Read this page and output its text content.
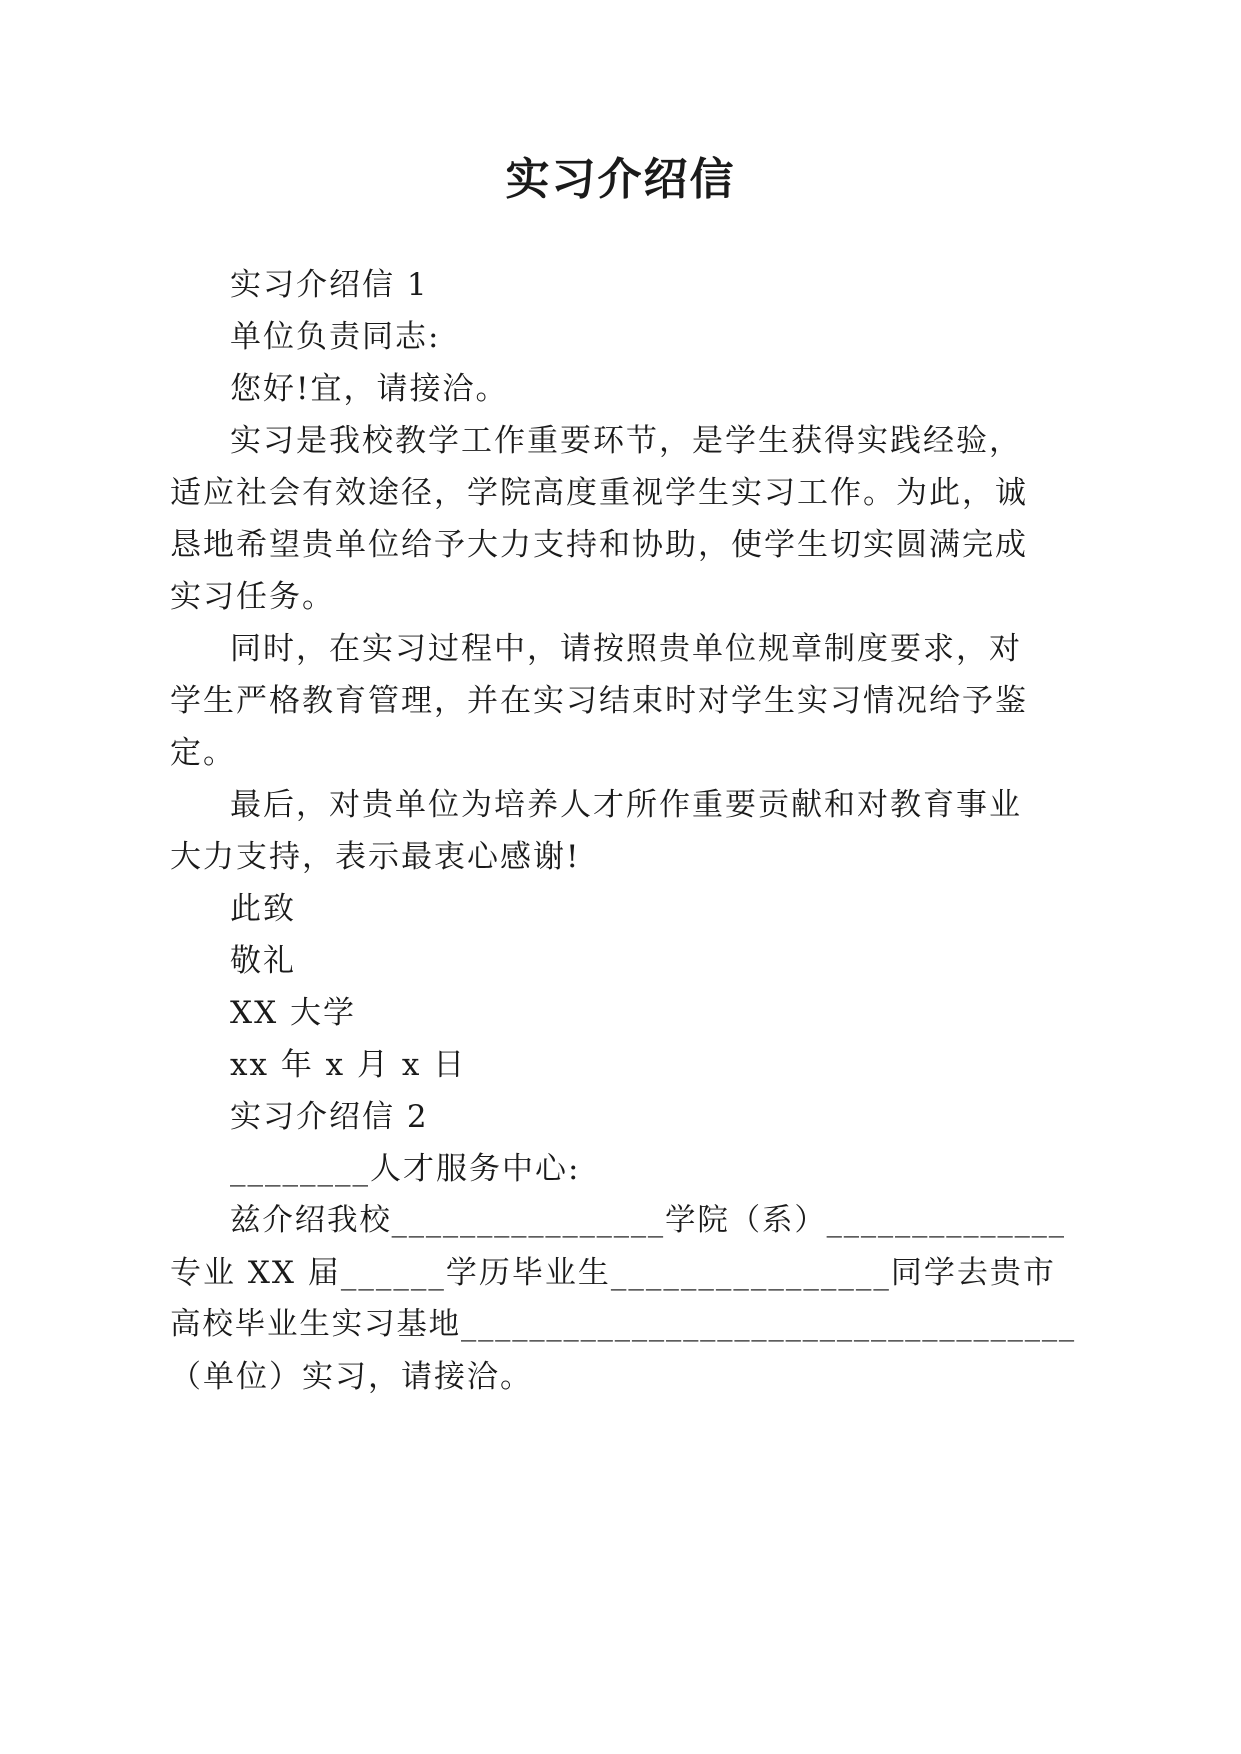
实习介绍信
实习介绍信 1
单位负责同志:
您好!宜，请接洽。
实习是我校教学工作重要环节，是学生获得实践经验，
适应社会有效途径，学院高度重视学生实习工作。为此，诚
恳地希望贵单位给予大力支持和协助，使学生切实圆满完成
实习任务。
同时，在实习过程中，请按照贵单位规章制度要求，对
学生严格教育管理，并在实习结束时对学生实习情况给予鉴
定。
最后，对贵单位为培养人才所作重要贡献和对教育事业
大力支持，表示最衷心感谢!
此致
敬礼
XX 大学
xx 年 x 月 x 日
实习介绍信 2
________人才服务中心:
兹介绍我校________________学院（系）______________
专业 XX 届______学历毕业生________________同学去贵市
高校毕业生实习基地____________________________________
（单位）实习，请接洽。
